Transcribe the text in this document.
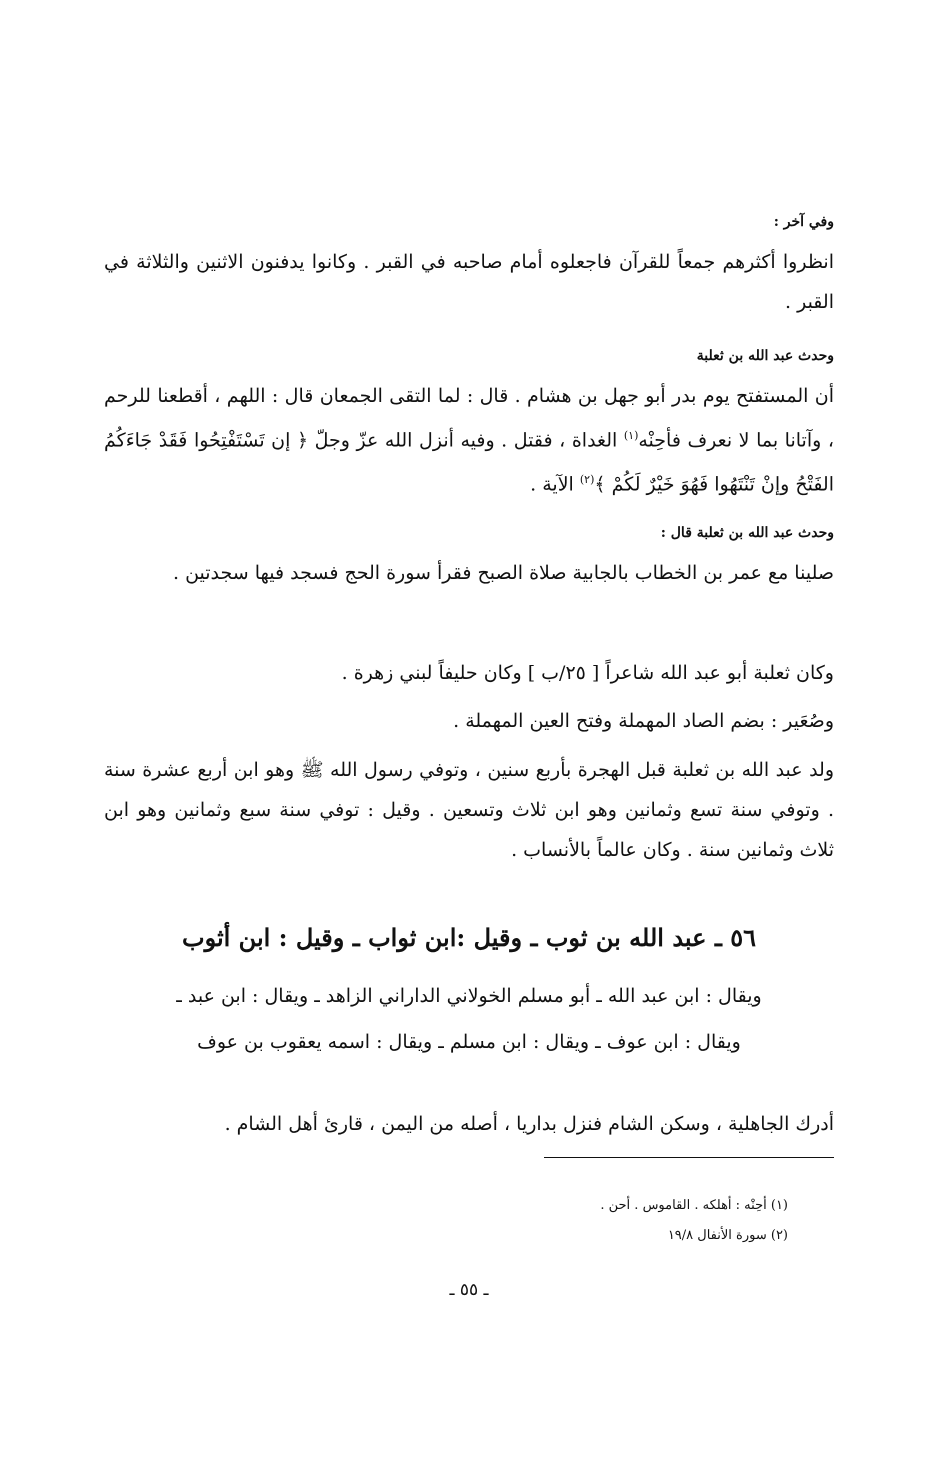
وفي آخر :

انظروا أكثرهم جمعاً للقرآن فاجعلوه أمام صاحبه في القبر . وكانوا يدفنون الاثنين والثلاثة في القبر .

وحدث عبد الله بن ثعلبة

أن المستفتح يوم بدر أبو جهل بن هشام . قال : لما التقى الجمعان قال : اللهم ، أقطعنا للرحم ، وآتانا بما لا نعرف فأحِنْه$^{(١)}$ الغداة ، فقتل . وفيه أنزل الله عزّ وجلّ ﴿ إن تَسْتَفْتِحُوا فَقَدْ جَاءَكُمُ الفَتْحُ وإنْ تَنْتَهُوا فَهُوَ خَيْرٌ لَكُمْ ﴾$^{(٢)}$ الآية .

وحدث عبد الله بن ثعلبة قال :

صلينا مع عمر بن الخطاب بالجابية صلاة الصبح فقرأ سورة الحج فسجد فيها سجدتين .

وكان ثعلبة أبو عبد الله شاعراً [ ٢٥/ب ] وكان حليفاً لبني زهرة .

وصُعَير : بضم الصاد المهملة وفتح العين المهملة .

ولد عبد الله بن ثعلبة قبل الهجرة بأربع سنين ، وتوفي رسول الله ﷺ وهو ابن أربع عشرة سنة . وتوفي سنة تسع وثمانين وهو ابن ثلاث وتسعين . وقيل : توفي سنة سبع وثمانين وهو ابن ثلاث وثمانين سنة . وكان عالماً بالأنساب .

٥٦ ـ عبد الله بن ثوب ـ وقيل :ابن ثواب ـ وقيل : ابن أثوب

ويقال : ابن عبد الله ـ أبو مسلم الخولاني الداراني الزاهد ـ ويقال : ابن عبد ـ

ويقال : ابن عوف ـ ويقال : ابن مسلم ـ ويقال : اسمه يعقوب بن عوف

أدرك الجاهلية ، وسكن الشام فنزل بداريا ، أصله من اليمن ، قارئ أهل الشام .

(١) أحِنْه : أهلكه . القاموس . أحن .

(٢) سورة الأنفال ١٩/٨

ـ ٥٥ ـ
